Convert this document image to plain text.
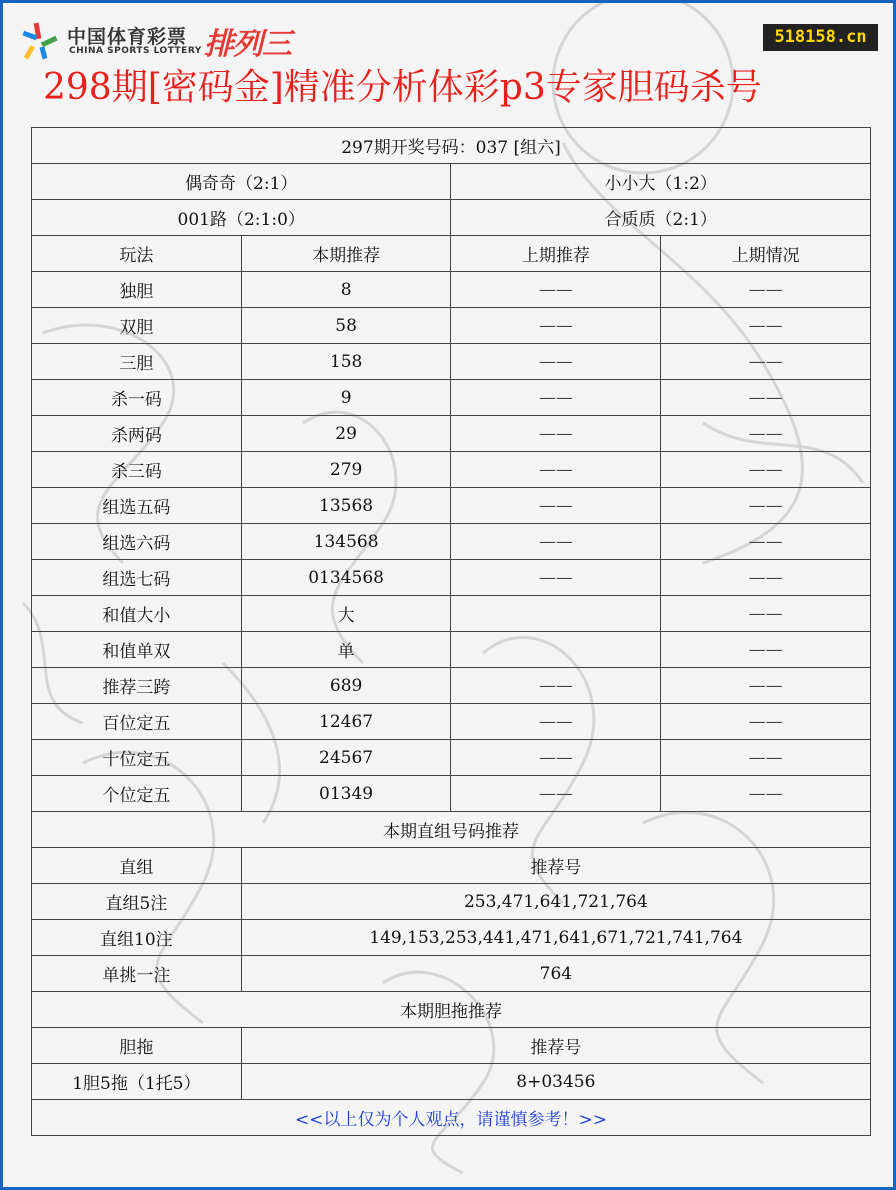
中国体育彩票
CHINA SPORTS LOTTERY 排列三	518158.cn
298期[密码金]精准分析体彩p3专家胆码杀号
297期开奖号码：037 [组六]			
偶奇奇（2:1）		小小大（1:2）	
001路（2:1:0）		合质质（2:1）	
玩法	本期推荐	上期推荐	上期情况
独胆	8	——	——
双胆	58	——	——
三胆	158	——	——
杀一码	9	——	——
杀两码	29	——	——
杀三码	279	——	——
组选五码	13568	——	——
组选六码	134568	——	——
组选七码	0134568	——	——
和值大小	大		——
和值单双	单		——
推荐三跨	689	——	——
百位定五	12467	——	——
十位定五	24567	——	——
个位定五	01349	——	——
本期直组号码推荐			
直组	推荐号		
直组5注	253,471,641,721,764		
直组10注	149,153,253,441,471,641,671,721,741,764		
单挑一注	764		
本期胆拖推荐			
胆拖	推荐号		
1胆5拖（1托5）	8+03456		
<<以上仅为个人观点，请谨慎参考！>>			
